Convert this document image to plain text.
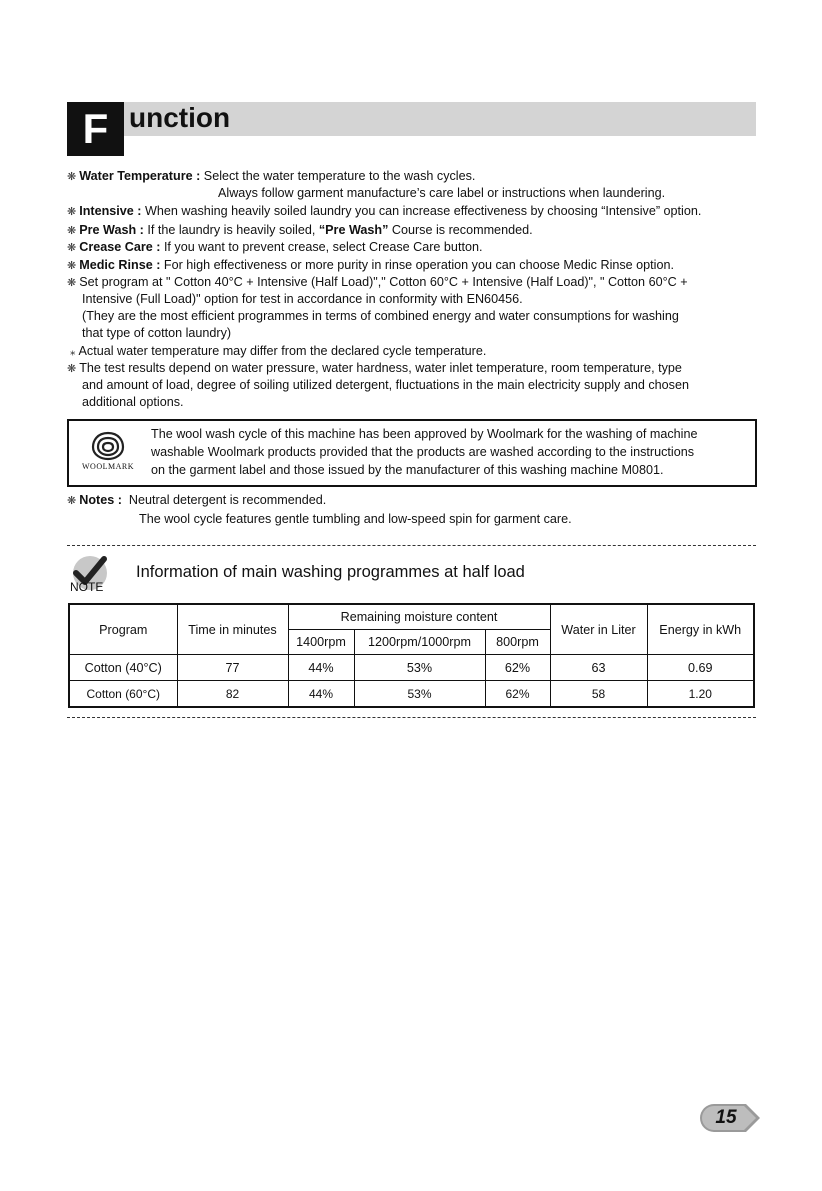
F unction
❋ Water Temperature : Select the water temperature to the wash cycles.
Always follow garment manufacture’s care label or instructions when laundering.
❋ Intensive : When washing heavily soiled laundry you can increase effectiveness by choosing “Intensive” option.
❋ Pre Wash : If the laundry is heavily soiled, “Pre Wash” Course is recommended.
❋ Crease Care : If you want to prevent crease, select Crease Care button.
❋ Medic Rinse : For high effectiveness or more purity in rinse operation you can choose Medic Rinse option.
❋ Set program at " Cotton 40°C + Intensive (Half Load)"," Cotton 60°C + Intensive (Half Load)", " Cotton 60°C +
Intensive (Full Load)" option for test in accordance in conformity with EN60456.
(They are the most efficient programmes in terms of combined energy and water consumptions for washing
that type of cotton laundry)
⁎ Actual water temperature may differ from the declared cycle temperature.
❋ The test results depend on water pressure, water hardness, water inlet temperature, room temperature, type
and amount of load, degree of soiling utilized detergent, fluctuations in the main electricity supply and chosen
additional options.
WOOLMARK
The wool wash cycle of this machine has been approved by Woolmark for the washing of machine
washable Woolmark products provided that the products are washed according to the instructions
on the garment label and those issued by the manufacturer of this washing machine M0801.
❋ Notes : Neutral detergent is recommended.
The wool cycle features gentle tumbling and low-speed spin for garment care.
NOTE
Information of main washing programmes at half load
Program	Time in minutes	Remaining moisture content			Water in Liter	Energy in kWh
		1400rpm	1200rpm/1000rpm	800rpm		
Cotton (40°C)	77	44%	53%	62%	63	0.69
Cotton (60°C)	82	44%	53%	62%	58	1.20
15
